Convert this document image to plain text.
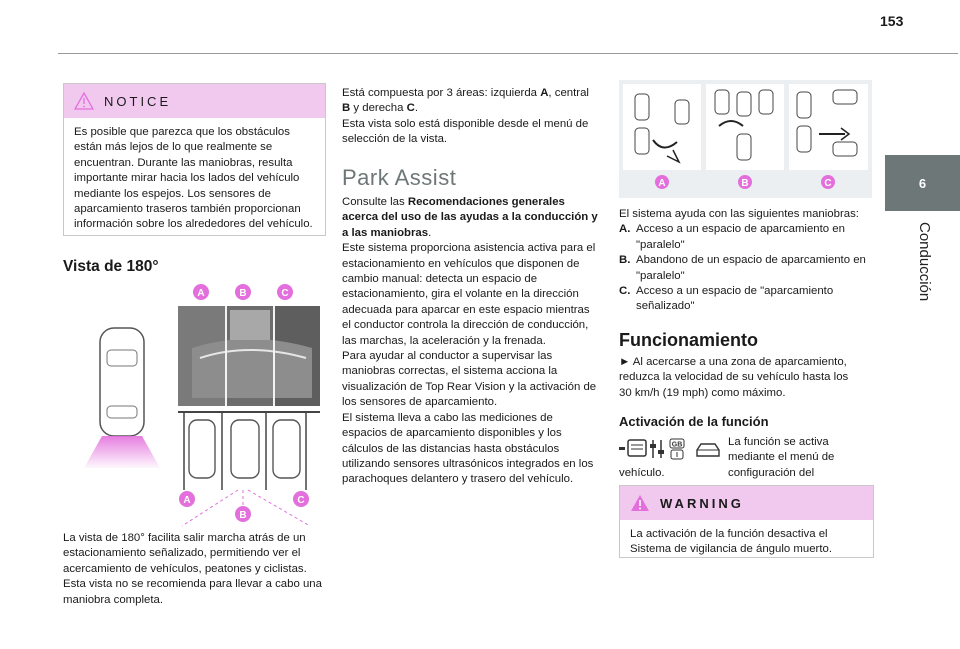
153
6
Conducción
NOTICE
Es posible que parezca que los obstáculos están más lejos de lo que realmente se encuentran. Durante las maniobras, resulta importante mirar hacia los lados del vehículo mediante los espejos. Los sensores de aparcamiento traseros también proporcionan información sobre los alrededores del vehículo.
Vista de 180°
A	B	C
A
B
C
La vista de 180° facilita salir marcha atrás de un estacionamiento señalizado, permitiendo ver el acercamiento de vehículos, peatones y ciclistas. Esta vista no se recomienda para llevar a cabo una maniobra completa.
Está compuesta por 3 áreas: izquierda A, central B y derecha C.
Esta vista solo está disponible desde el menú de selección de la vista.
Park Assist
Consulte las Recomendaciones generales acerca del uso de las ayudas a la conducción y a las maniobras.
Este sistema proporciona asistencia activa para el estacionamiento en vehículos que disponen de cambio manual: detecta un espacio de estacionamiento, gira el volante en la dirección adecuada para aparcar en este espacio mientras el conductor controla la dirección de conducción, las marchas, la aceleración y la frenada.
Para ayudar al conductor a supervisar las maniobras correctas, el sistema acciona la visualización de Top Rear Vision y la activación de los sensores de aparcamiento.
El sistema lleva a cabo las mediciones de espacios de aparcamiento disponibles y los cálculos de las distancias hasta obstáculos utilizando sensores ultrasónicos integrados en los parachoques delantero y trasero del vehículo.
A	B	C
El sistema ayuda con las siguientes maniobras:
A. Acceso a un espacio de aparcamiento en "paralelo"
B. Abandono de un espacio de aparcamiento en "paralelo"
C. Acceso a un espacio de "aparcamiento señalizado"
Funcionamiento
► Al acercarse a una zona de aparcamiento, reduzca la velocidad de su vehículo hasta los 30 km/h (19 mph) como máximo.
Activación de la función
GB	La función se activa mediante el menú de configuración del
vehículo.
WARNING
La activación de la función desactiva el Sistema de vigilancia de ángulo muerto.
